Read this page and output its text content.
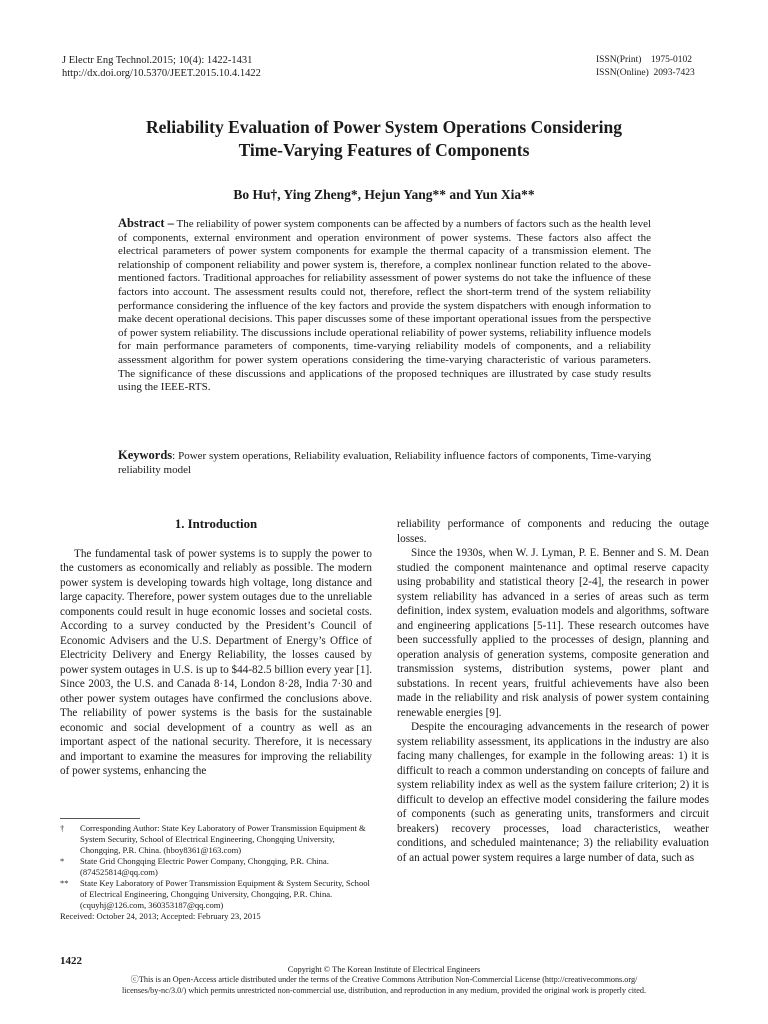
J Electr Eng Technol.2015; 10(4): 1422-1431
http://dx.doi.org/10.5370/JEET.2015.10.4.1422
ISSN(Print)    1975-0102
ISSN(Online)  2093-7423
Reliability Evaluation of Power System Operations Considering
Time-Varying Features of Components
Bo Hu†, Ying Zheng*, Hejun Yang** and Yun Xia**
Abstract – The reliability of power system components can be affected by a numbers of factors such as the health level of components, external environment and operation environment of power systems. These factors also affect the electrical parameters of power system components for example the thermal capacity of a transmission element. The relationship of component reliability and power system is, therefore, a complex nonlinear function related to the above-mentioned factors. Traditional approaches for reliability assessment of power systems do not take the influence of these factors into account. The assessment results could not, therefore, reflect the short-term trend of the system reliability performance considering the influence of the key factors and provide the system dispatchers with enough information to make decent operational decisions. This paper discusses some of these important operational issues from the perspective of power system reliability. The discussions include operational reliability of power systems, reliability influence models for main performance parameters of components, time-varying reliability models of components, and a reliability assessment algorithm for power system operations considering the time-varying characteristic of various parameters. The significance of these discussions and applications of the proposed techniques are illustrated by case study results using the IEEE-RTS.
Keywords: Power system operations, Reliability evaluation, Reliability influence factors of components, Time-varying reliability model
1. Introduction

The fundamental task of power systems is to supply the power to the customers as economically and reliably as possible. The modern power system is developing towards high voltage, long distance and large capacity. Therefore, power system outages due to the unreliable components could result in huge economic losses and societal costs. According to a survey conducted by the President’s Council of Economic Advisers and the U.S. Department of Energy’s Office of Electricity Delivery and Energy Reliability, the losses caused by power system outages in U.S. is up to $44-82.5 billion every year [1]. Since 2003, the U.S. and Canada 8·14, London 8·28, India 7·30 and other power system outages have confirmed the conclusions above. The reliability of power systems is the basis for the sustainable economic and social development of a country as well as an important aspect of the national security. Therefore, it is necessary and important to examine the measures for improving the reliability of power systems, enhancing the

reliability performance of components and reducing the outage losses.

Since the 1930s, when W. J. Lyman, P. E. Benner and S. M. Dean studied the component maintenance and optimal reserve capacity using probability and statistical theory [2-4], the research in power system reliability has advanced in a series of areas such as term definition, index system, evaluation models and algorithms, software and engineering applications [5-11]. These research outcomes have been successfully applied to the processes of design, planning and operation analysis of generation systems, composite generation and transmission systems, distribution systems, power plant and substations. In recent years, fruitful achievements have also been made in the reliability and risk analysis of power system containing renewable energies [9].

Despite the encouraging advancements in the research of power system reliability assessment, its applications in the industry are also facing many challenges, for example in the following areas: 1) it is difficult to reach a common understanding on concepts of failure and system reliability index as well as the system failure criterion; 2) it is difficult to develop an effective model considering the failure modes of components (such as generating units, transformers and circuit breakers) recovery processes, load characteristics, weather conditions, and scheduled maintenance; 3) the reliability evaluation of an actual power system requires a large number of data, such as

†	Corresponding Author: State Key Laboratory of Power Transmission Equipment & System Security, School of Electrical Engineering, Chongqing University, Chongqing, P.R. China. (hboy8361@163.com)
*	State Grid Chongqing Electric Power Company, Chongqing, P.R. China. (874525814@qq.com)
**	State Key Laboratory of Power Transmission Equipment & System Security, School of Electrical Engineering, Chongqing University, Chongqing, P.R. China. (cquyhj@126.com, 360353187@qq.com)
Received: October 24, 2013; Accepted: February 23, 2015
1422
Copyright © The Korean Institute of Electrical Engineers
ⓒThis is an Open-Access article distributed under the terms of the Creative Commons Attribution Non-Commercial License (http://creativecommons.org/
licenses/by-nc/3.0/) which permits unrestricted non-commercial use, distribution, and reproduction in any medium, provided the original work is properly cited.
